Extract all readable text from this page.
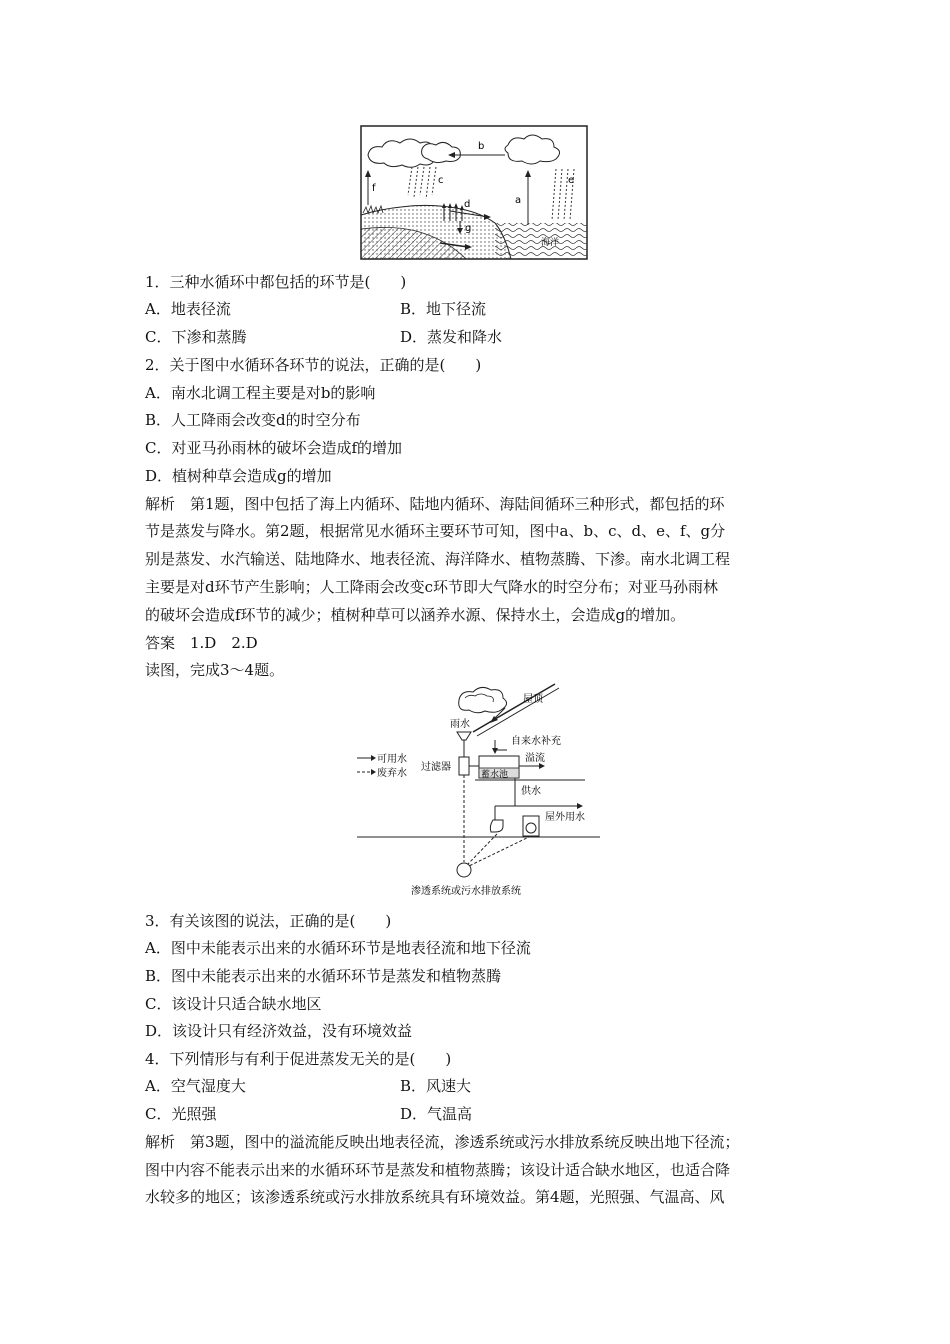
b
c	e
a
f
海洋
d
g
1．三种水循环中都包括的环节是(　　)
A．地表径流	B．地下径流
C．下渗和蒸腾	D．蒸发和降水
2．关于图中水循环各环节的说法，正确的是(　　)
A．南水北调工程主要是对b的影响
B．人工降雨会改变d的时空分布
C．对亚马孙雨林的破坏会造成f的增加
D．植树种草会造成g的增加
解析　第1题，图中包括了海上内循环、陆地内循环、海陆间循环三种形式，都包括的环
节是蒸发与降水。第2题，根据常见水循环主要环节可知，图中a、b、c、d、e、f、g分
别是蒸发、水汽输送、陆地降水、地表径流、海洋降水、植物蒸腾、下渗。南水北调工程
主要是对d环节产生影响；人工降雨会改变c环节即大气降水的时空分布；对亚马孙雨林
的破坏会造成f环节的减少；植树种草可以涵养水源、保持水土，会造成g的增加。
答案　1.D　2.D
读图，完成3～4题。
屋顶
雨水
过滤器
可用水
废弃水
自来水补充
蓄水池
溢流
供水
屋外用水
渗透系统或污水排放系统
3．有关该图的说法，正确的是(　　)
A．图中未能表示出来的水循环环节是地表径流和地下径流
B．图中未能表示出来的水循环环节是蒸发和植物蒸腾
C．该设计只适合缺水地区
D．该设计只有经济效益，没有环境效益
4．下列情形与有利于促进蒸发无关的是(　　)
A．空气湿度大	B．风速大
C．光照强	D．气温高
解析　第3题，图中的溢流能反映出地表径流，渗透系统或污水排放系统反映出地下径流；
图中内容不能表示出来的水循环环节是蒸发和植物蒸腾；该设计适合缺水地区，也适合降
水较多的地区；该渗透系统或污水排放系统具有环境效益。第4题，光照强、气温高、风
